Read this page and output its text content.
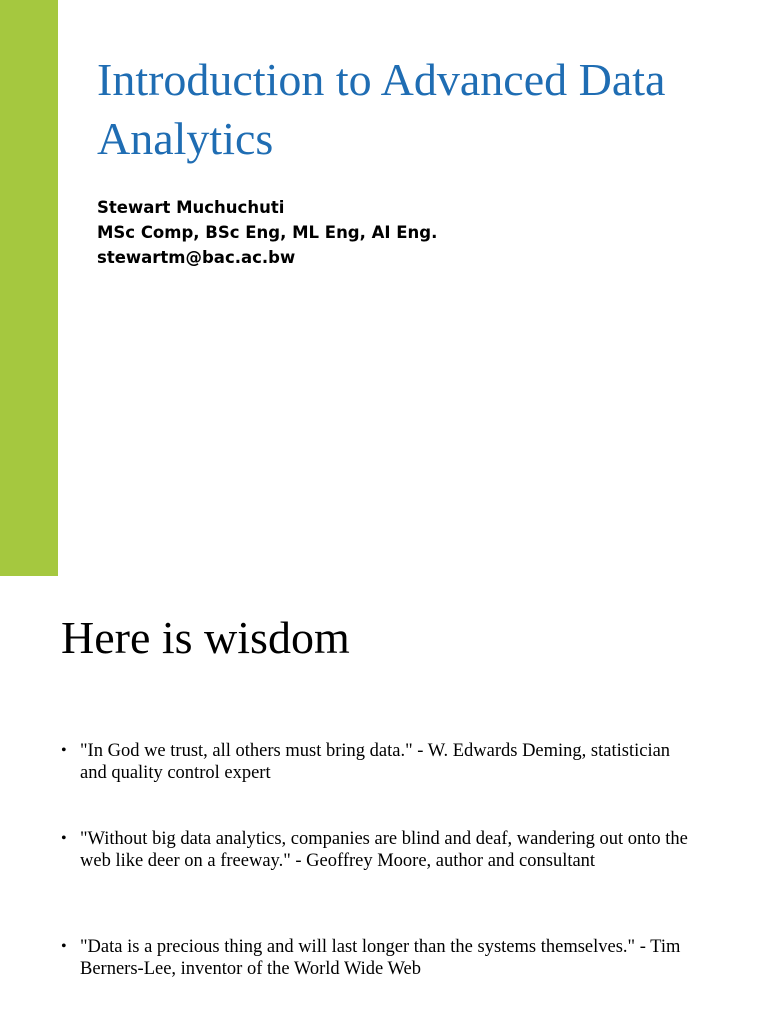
Introduction to Advanced Data Analytics
Stewart Muchuchuti
MSc Comp, BSc Eng, ML Eng, AI Eng.
stewartm@bac.ac.bw
Here is wisdom
• "In God we trust, all others must bring data." - W. Edwards Deming, statistician and quality control expert
• "Without big data analytics, companies are blind and deaf, wandering out onto the web like deer on a freeway." - Geoffrey Moore, author and consultant
• "Data is a precious thing and will last longer than the systems themselves." - Tim Berners-Lee, inventor of the World Wide Web
